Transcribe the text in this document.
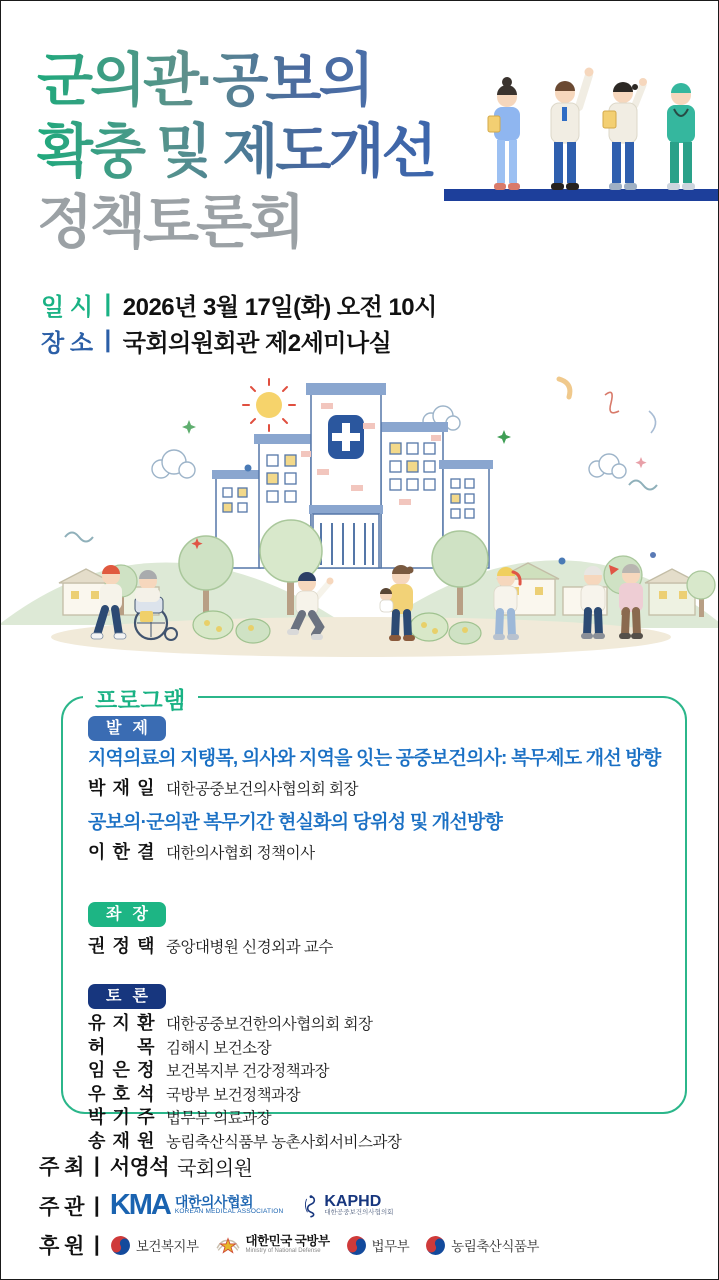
군의관·공보의
확충 및 제도개선
정책토론회
일 시 | 2026년 3월 17일(화) 오전 10시
장 소 | 국회의원회관 제2세미나실
프로그램
발 제
지역의료의 지탱목, 의사와 지역을 잇는 공중보건의사: 복무제도 개선 방향
박 재 일 대한공중보건의사협의회 회장
공보의·군의관 복무기간 현실화의 당위성 및 개선방향
이 한 결 대한의사협회 정책이사
좌 장
권 정 택 중앙대병원 신경외과 교수
토 론
유 지 환 대한공중보건한의사협의회 회장
허 목 김해시 보건소장
임 은 정 보건복지부 건강정책과장
우 호 석 국방부 보건정책과장
박 기 주 법무부 의료과장
송 재 원 농림축산식품부 농촌사회서비스과장
주 최 | 서영석 국회의원
주 관 | KMA 대한의사협회
KOREAN MEDICAL ASSOCIATION
KAPHD
대한공중보건의사협의회
후 원 |	보건복지부	대한민국 국방부
Ministry of National Defense	법무부	농림축산식품부
